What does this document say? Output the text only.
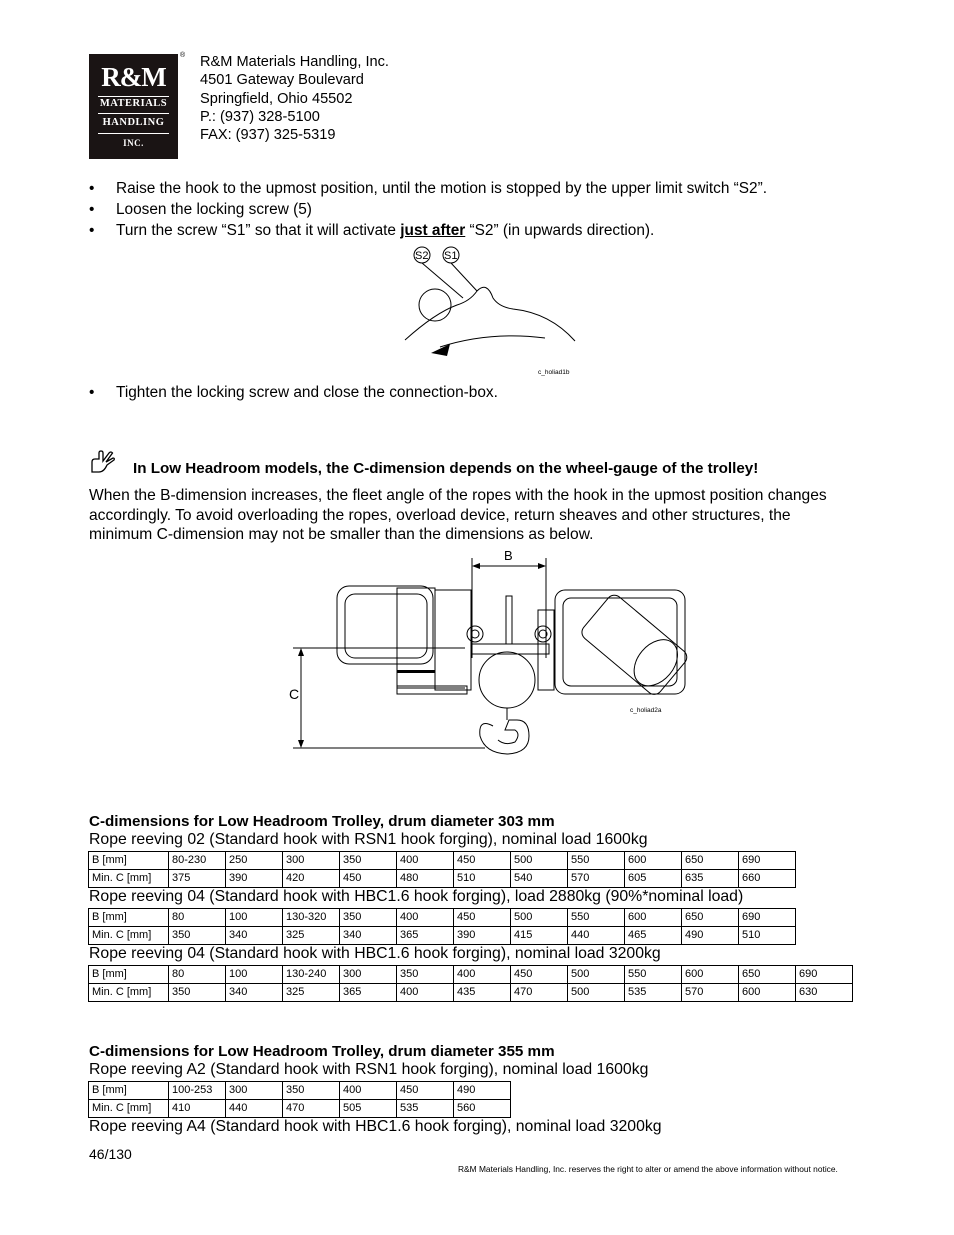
R&M
MATERIALS
HANDLING
INC.
® R&M Materials Handling, Inc.
4501 Gateway Boulevard
Springfield, Ohio 45502
P.: (937) 328-5100
FAX: (937) 325-5319
• Raise the hook to the upmost position, until the motion is stopped by the upper limit switch “S2”.
• Loosen the locking screw (5)
• Turn the screw “S1” so that it will activate just after “S2” (in upwards direction).
S2 S1
c_holiad1b
• Tighten the locking screw and close the connection-box.
In Low Headroom models, the C-dimension depends on the wheel-gauge of the trolley!
When the B-dimension increases, the fleet angle of the ropes with the hook in the upmost position changes accordingly. To avoid overloading the ropes, overload device, return sheaves and other structures, the minimum C-dimension may not be smaller than the dimensions as below.
B
C
c_holiad2a
C-dimensions for Low Headroom Trolley, drum diameter 303 mm
Rope reeving 02 (Standard hook with RSN1 hook forging), nominal load 1600kg
B [mm]	80-230	250	300	350	400	450	500	550	600	650	690
Min. C [mm]	375	390	420	450	480	510	540	570	605	635	660
Rope reeving 04 (Standard hook with HBC1.6 hook forging), load 2880kg (90%*nominal load)
B [mm]	80	100	130-320	350	400	450	500	550	600	650	690
Min. C [mm]	350	340	325	340	365	390	415	440	465	490	510
Rope reeving 04 (Standard hook with HBC1.6 hook forging), nominal load 3200kg
B [mm]	80	100	130-240	300	350	400	450	500	550	600	650	690
Min. C [mm]	350	340	325	365	400	435	470	500	535	570	600	630
C-dimensions for Low Headroom Trolley, drum diameter 355 mm
Rope reeving A2 (Standard hook with RSN1 hook forging), nominal load 1600kg
B [mm]	100-253	300	350	400	450	490
Min. C [mm]	410	440	470	505	535	560
Rope reeving A4 (Standard hook with HBC1.6 hook forging), nominal load 3200kg
46/130
R&M Materials Handling, Inc. reserves the right to alter or amend the above information without notice.
